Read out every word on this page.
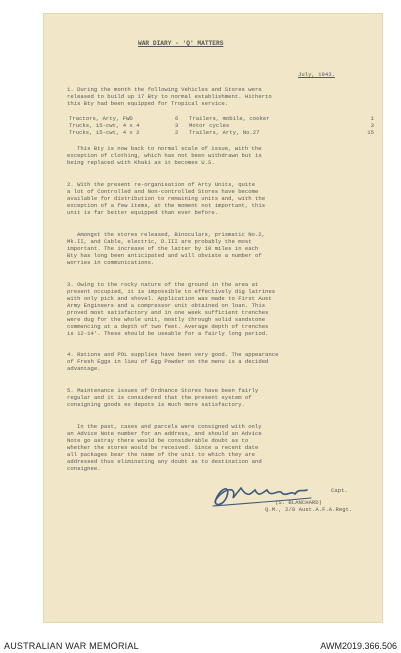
WAR DIARY - 'Q' MATTERS
July, 1943.
1. During the month the following Vehicles and Stores were
released to build up 17 Bty to normal establishment. Hitherto
this Bty had been equipped for Tropical service.
Tractors, Arty, FWD	6 Trailers, mobile, cooker	1
Trucks, 15-cwt, 4 x 4	3 Motor cycles	3
Trucks, 15-cwt, 4 x 2	2 Trailers, Arty, No.27	15
This Bty is now back to normal scale of issue, with the
exception of clothing, which has not been withdrawn but is
being replaced with Khaki as it becomes U.S.
2. With the present re-organisation of Arty Units, quite
a lot of Controlled and Non-controlled Stores have become
available for distribution to remaining units and, with the
exception of a few items, at the moment not important, this
unit is far better equipped than ever before.
Amongst the stores released, Binoculars, prismatic No.2,
Mk.II, and Cable, electric, D.III are probably the most
important. The increase of the latter by 10 miles in each
Bty has long been anticipated and will obviate a number of
worries in communications.
3. Owing to the rocky nature of the ground in the area at
present occupied, it is impossible to effectively dig latrines
with only pick and shovel. Application was made to First Aust
Army Engineers and a compressor unit obtained on loan. This
proved most satisfactory and in one week sufficient trenches
were dug for the whole unit, mostly through solid sandstone
commencing at a depth of two feet. Average depth of trenches
is 12-14'. These should be useable for a fairly long period.
4. Rations and POL supplies have been very good. The appearance
of Fresh Eggs in lieu of Egg Powder on the menu is a decided
advantage.
5. Maintenance issues of Ordnance Stores have been fairly
regular and it is considered that the present system of
consigning goods ex depots is much more satisfactory.
In the past, cases and parcels were consigned with only
an Advice Note number for an address, and should an Advice
Note go astray there would be considerable doubt as to
whether the stores would be received. Since a recent date
all packages bear the name of the unit to which they are
addressed thus eliminating any doubt as to destination and
consignee.
Capt.
(S. BLANCHARD)
Q.M., 2/8 Aust.A.F.A.Regt.
AUSTRALIAN WAR MEMORIAL	AWM2019.366.506
